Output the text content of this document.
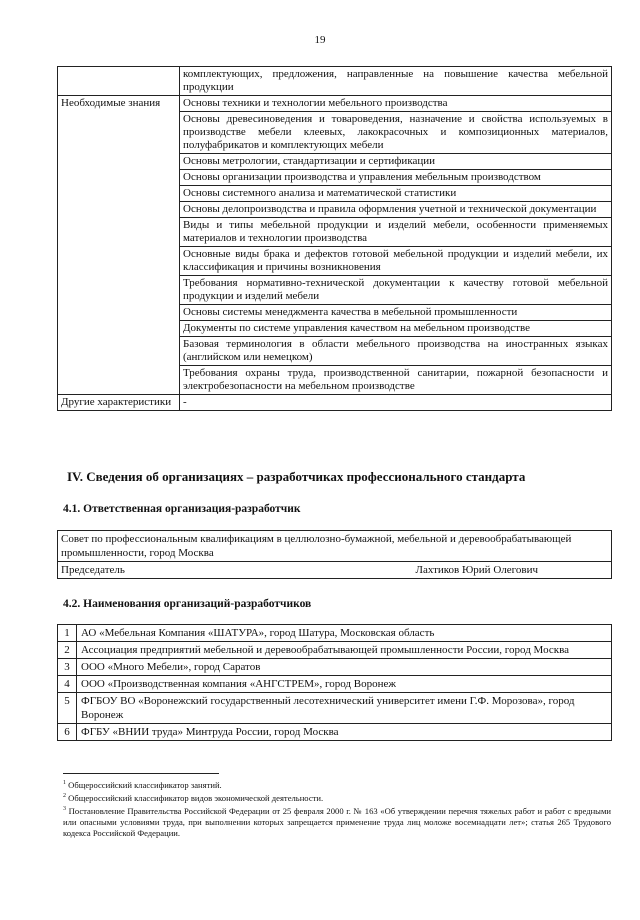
19
	комплектующих, предложения, направленные на повышение качества мебельной продукции
Необходимые знания	Основы техники и технологии мебельного производства
	Основы древесиноведения и товароведения, назначение и свойства используемых в производстве мебели клеевых, лакокрасочных и композиционных материалов, полуфабрикатов и комплектующих мебели
	Основы метрологии, стандартизации и сертификации
	Основы организации производства и управления мебельным производством
	Основы системного анализа и математической статистики
	Основы делопроизводства и правила оформления учетной и технической документации
	Виды и типы мебельной продукции и изделий мебели, особенности применяемых материалов и технологии производства
	Основные виды брака и дефектов готовой мебельной продукции и изделий мебели, их классификация и причины возникновения
	Требования нормативно-технической документации к качеству готовой мебельной продукции и изделий мебели
	Основы системы менеджмента качества в мебельной промышленности
	Документы по системе управления качеством на мебельном производстве
	Базовая терминология в области мебельного производства на иностранных языках (английском или немецком)
	Требования охраны труда, производственной санитарии, пожарной безопасности и электробезопасности на мебельном производстве
Другие характеристики	-
IV. Сведения об организациях – разработчиках профессионального стандарта
4.1. Ответственная организация-разработчик
Совет по профессиональным квалификациям в целлюлозно-бумажной, мебельной и деревообрабатывающей промышленности, город Москва

Председатель	Лахтиков Юрий Олегович
4.2. Наименования организаций-разработчиков
1	АО «Мебельная Компания «ШАТУРА», город Шатура, Московская область
2	Ассоциация предприятий мебельной и деревообрабатывающей промышленности России, город Москва
3	ООО «Много Мебели», город Саратов
4	ООО «Производственная компания «АНГСТРЕМ», город Воронеж
5	ФГБОУ ВО «Воронежский государственный лесотехнический университет имени Г.Ф. Морозова», город Воронеж
6	ФГБУ «ВНИИ труда» Минтруда России, город Москва

$^1$ Общероссийский классификатор занятий.

$^2$ Общероссийский классификатор видов экономической деятельности.

$^3$ Постановление Правительства Российской Федерации от 25 февраля 2000 г. № 163 «Об утверждении перечня тяжелых работ и работ с вредными или опасными условиями труда, при выполнении которых запрещается применение труда лиц моложе восемнадцати лет»; статья 265 Трудового кодекса Российской Федерации.
